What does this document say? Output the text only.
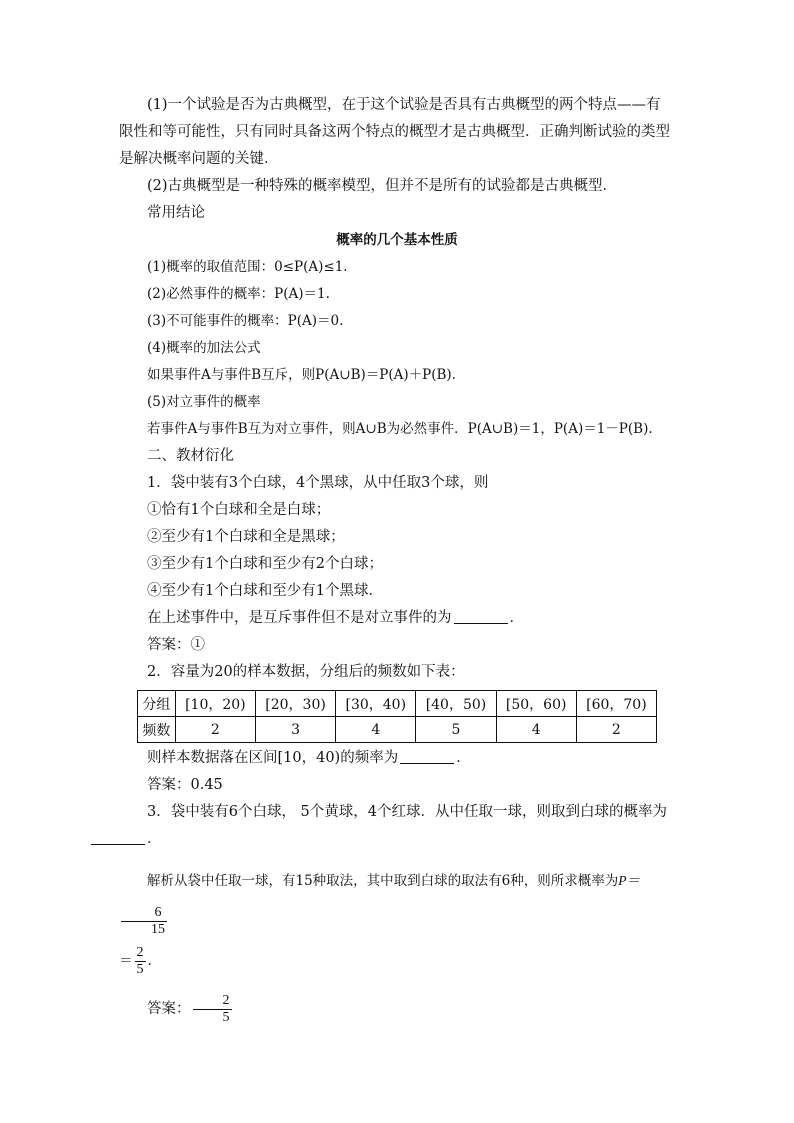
(1)一个试验是否为古典概型，在于这个试验是否具有古典概型的两个特点——有限性和等可能性，只有同时具备这两个特点的概型才是古典概型．正确判断试验的类型是解决概率问题的关键．

(2)古典概型是一种特殊的概率模型，但并不是所有的试验都是古典概型．

常用结论

概率的几个基本性质

(1)概率的取值范围：0≤P(A)≤1.

(2)必然事件的概率：P(A)＝1.

(3)不可能事件的概率：P(A)＝0.

(4)概率的加法公式

如果事件A与事件B互斥，则P(A∪B)＝P(A)＋P(B).

(5)对立事件的概率

若事件A与事件B互为对立事件，则A∪B为必然事件．P(A∪B)＝1，P(A)＝1－P(B).

二、教材衍化

1．袋中装有3个白球，4个黑球，从中任取3个球，则

①恰有1个白球和全是白球；

②至少有1个白球和全是黑球；

③至少有1个白球和至少有2个白球；

④至少有1个白球和至少有1个黑球．

在上述事件中，是互斥事件但不是对立事件的为	．

答案：①

2．容量为20的样本数据，分组后的频数如下表：

分组	[10，20)	[20，30)	[30，40)	[40，50)	[50，60)	[60，70)
频数	2	3	4	5	4	2

则样本数据落在区间[10，40)的频率为	．

答案：0.45

3．袋中装有6个白球， 5个黄球，4个红球．从中任取一球，则取到白球的概率为
．

解析从袋中任取一球，有15种取法，其中取到白球的取法有6种，则所求概率为P＝
$\frac{6}{15}$

＝ $\frac{2}{5}$ .

答案： $\frac{2}{5}$
